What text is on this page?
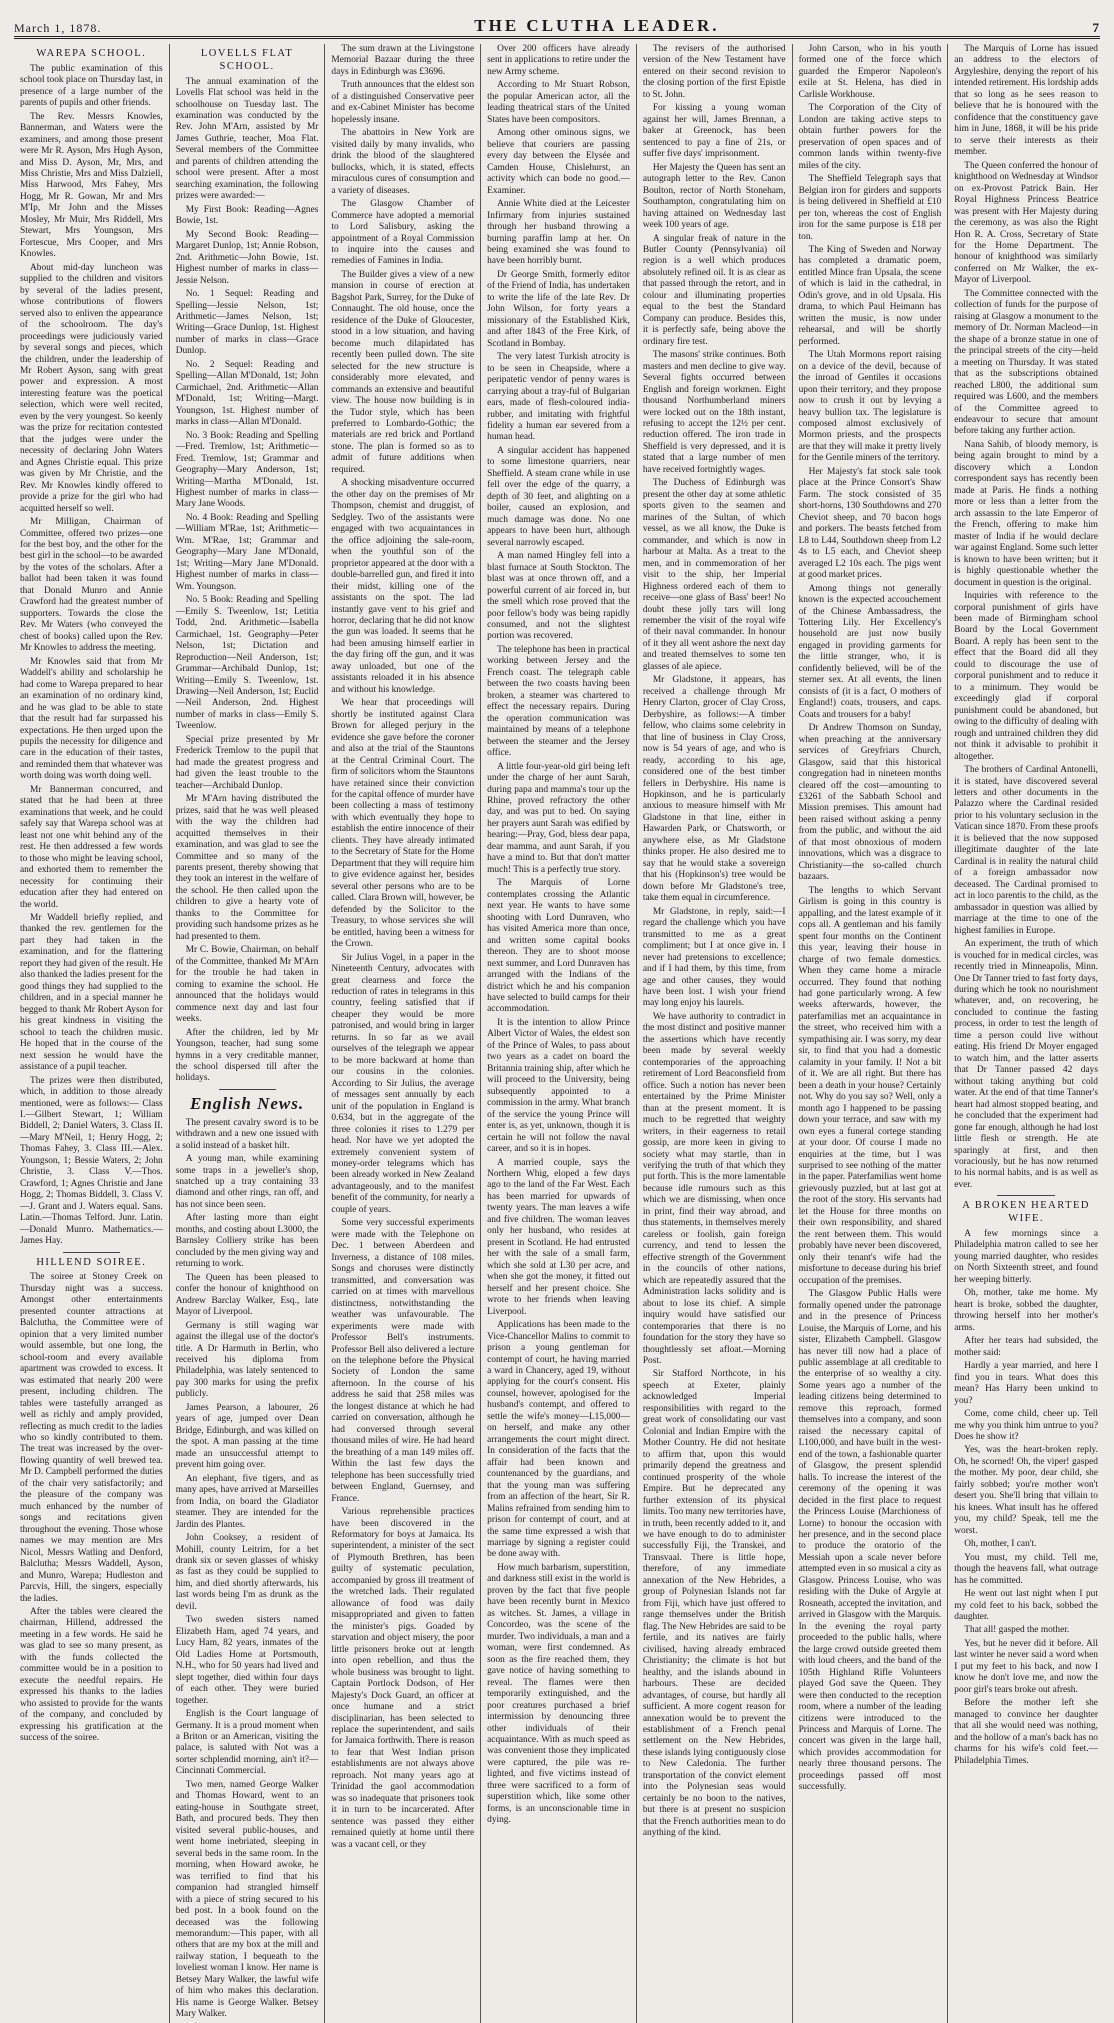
March 1, 1878.	THE CLUTHA LEADER.	7
WAREPA SCHOOL.

The public examination of this school took place on Thursday last, in presence of a large number of the parents of pupils and other friends.

The Rev. Messrs Knowles, Bannerman, and Waters were the examiners, and among those present were Mr R. Ayson, Mrs Hugh Ayson, and Miss D. Ayson, Mr, Mrs, and Miss Christie, Mrs and Miss Dalziell, Miss Harwood, Mrs Fahey, Mrs Hogg, Mr R. Gowan, Mr and Mrs M'Ip, Mr John and the Misses Mosley, Mr Muir, Mrs Riddell, Mrs Stewart, Mrs Youngson, Mrs Fortescue, Mrs Cooper, and Mrs Knowles.

About mid-day luncheon was supplied to the children and visitors by several of the ladies present, whose contributions of flowers served also to enliven the appearance of the schoolroom. The day's proceedings were judiciously varied by several songs and pieces, which the children, under the leadership of Mr Robert Ayson, sang with great power and expression. A most interesting feature was the poetical selection, which were well recited, even by the very youngest. So keenly was the prize for recitation contested that the judges were under the necessity of declaring John Waters and Agnes Christie equal. This prize was given by Mr Christie, and the Rev. Mr Knowles kindly offered to provide a prize for the girl who had acquitted herself so well.

Mr Milligan, Chairman of Committee, offered two prizes—one for the best boy, and the other for the best girl in the school—to be awarded by the votes of the scholars. After a ballot had been taken it was found that Donald Munro and Annie Crawford had the greatest number of supporters. Towards the close the Rev. Mr Waters (who conveyed the chest of books) called upon the Rev. Mr Knowles to address the meeting.

Mr Knowles said that from Mr Waddell's ability and scholarship he had come to Warepa prepared to hear an examination of no ordinary kind, and he was glad to be able to state that the result had far surpassed his expectations. He then urged upon the pupils the necessity for diligence and care in the education of their tastes, and reminded them that whatever was worth doing was worth doing well.

Mr Bannerman concurred, and stated that he had been at three examinations that week, and he could safely say that Warepa school was at least not one whit behind any of the rest. He then addressed a few words to those who might be leaving school, and exhorted them to remember the necessity for continuing their education after they had entered on the world.

Mr Waddell briefly replied, and thanked the rev. gentlemen for the part they had taken in the examination, and for the flattering report they had given of the result. He also thanked the ladies present for the good things they had supplied to the children, and in a special manner he begged to thank Mr Robert Ayson for his great kindness in visiting the school to teach the children music. He hoped that in the course of the next session he would have the assistance of a pupil teacher.

The prizes were then distributed, which, in addition to those already mentioned, were as follows:— Class I.—Gilbert Stewart, 1; William Biddell, 2; Daniel Waters, 3. Class II.—Mary M'Neil, 1; Henry Hogg, 2; Thomas Fahey, 3. Class III.—Alex. Youngson, 1; Bessie Waters, 2; John Christie, 3. Class V.—Thos. Crawford, 1; Agnes Christie and Jane Hogg, 2; Thomas Biddell, 3. Class V.—J. Grant and J. Waters equal. Sans. Latin.—Thomas Telford. Junr. Latin.—Donald Munro. Mathematics.—James Hay.

HILLEND SOIREE.

The soiree at Stoney Creek on Thursday night was a success. Amongst other entertainments presented counter attractions at Balclutha, the Committee were of opinion that a very limited number would assemble, but one long, the school-room and every available apartment was crowded to excess. It was estimated that nearly 200 were present, including children. The tables were tastefully arranged as well as richly and amply provided, reflecting as much credit to the ladies who so kindly contributed to them. The treat was increased by the over-flowing quantity of well brewed tea. Mr D. Campbell performed the duties of the chair very satisfactorily; and the pleasure of the company was much enhanced by the number of songs and recitations given throughout the evening. Those whose names we may mention are Mrs Nicol, Messrs Watling and Denford, Balclutha; Messrs Waddell, Ayson, and Munro, Warepa; Hudleston and Parcvis, Hill, the singers, especially the ladies.

After the tables were cleared the chairman, Hillend, addressed the meeting in a few words. He said he was glad to see so many present, as with the funds collected the committee would be in a position to execute the needful repairs. He expressed his thanks to the ladies who assisted to provide for the wants of the company, and concluded by expressing his gratification at the success of the soiree.

LOVELLS FLAT SCHOOL.

The annual examination of the Lovells Flat school was held in the schoolhouse on Tuesday last. The examination was conducted by the Rev. John M'Arn, assisted by Mr James Guthrie, teacher, Moa Flat. Several members of the Committee and parents of children attending the school were present. After a most searching examination, the following prizes were awarded:—

My First Book: Reading—Agnes Bowie, 1st.

My Second Book: Reading—Margaret Dunlop, 1st; Annie Robson, 2nd. Arithmetic—John Bowie, 1st. Highest number of marks in class—Jessie Nelson.

No. 1 Sequel: Reading and Spelling—Jessie Nelson, 1st; Arithmetic—James Nelson, 1st; Writing—Grace Dunlop, 1st. Highest number of marks in class—Grace Dunlop.

No. 2 Sequel: Reading and Spelling—Allan M'Donald, 1st; John Carmichael, 2nd. Arithmetic—Allan M'Donald, 1st; Writing—Margt. Youngson, 1st. Highest number of marks in class—Allan M'Donald.

No. 3 Book: Reading and Spelling—Fred. Tremlow, 1st; Arithmetic—Fred. Tremlow, 1st; Grammar and Geography—Mary Anderson, 1st; Writing—Martha M'Donald, 1st. Highest number of marks in class—Mary Jane Woods.

No. 4 Book: Reading and Spelling—William M'Rae, 1st; Arithmetic—Wm. M'Rae, 1st; Grammar and Geography—Mary Jane M'Donald, 1st; Writing—Mary Jane M'Donald. Highest number of marks in class—Wm. Youngson.

No. 5 Book: Reading and Spelling—Emily S. Tweenlow, 1st; Letitia Todd, 2nd. Arithmetic—Isabella Carmichael, 1st. Geography—Peter Nelson, 1st; Dictation and Reproduction—Neil Anderson, 1st; Grammar—Archibald Dunlop, 1st; Writing—Emily S. Tweenlow, 1st. Drawing—Neil Anderson, 1st; Euclid—Neil Anderson, 2nd. Highest number of marks in class—Emily S. Tweenlow.

Special prize presented by Mr Frederick Tremlow to the pupil that had made the greatest progress and had given the least trouble to the teacher—Archibald Dunlop.

Mr M'Arn having distributed the prizes, said that he was well pleased with the way the children had acquitted themselves in their examination, and was glad to see the Committee and so many of the parents present, thereby showing that they took an interest in the welfare of the school. He then called upon the children to give a hearty vote of thanks to the Committee for providing such handsome prizes as he had presented to them.

Mr C. Bowie, Chairman, on behalf of the Committee, thanked Mr M'Arn for the trouble he had taken in coming to examine the school. He announced that the holidays would commence next day and last four weeks.

After the children, led by Mr Youngson, teacher, had sung some hymns in a very creditable manner, the school dispersed till after the holidays.

English News.

The present cavalry sword is to be withdrawn and a new one issued with a solid instead of a basket hilt.

A young man, while examining some traps in a jeweller's shop, snatched up a tray containing 33 diamond and other rings, ran off, and has not since been seen.

After lasting more than eight months, and costing about L3000, the Barnsley Colliery strike has been concluded by the men giving way and returning to work.

The Queen has been pleased to confer the honour of knighthood on Andrew Barclay Walker, Esq., late Mayor of Liverpool.

Germany is still waging war against the illegal use of the doctor's title. A Dr Harmuth in Berlin, who received his diploma from Philadelphia, was lately sentenced to pay 300 marks for using the prefix publicly.

James Pearson, a labourer, 26 years of age, jumped over Dean Bridge, Edinburgh, and was killed on the spot. A man passing at the time made an unsuccessful attempt to prevent him going over.

An elephant, five tigers, and as many apes, have arrived at Marseilles from India, on board the Gladiator steamer. They are intended for the Jardin des Plantes.

John Cooksey, a resident of Mohill, county Leitrim, for a bet drank six or seven glasses of whisky as fast as they could be supplied to him, and died shortly afterwards, his last words being I'm as drunk as the devil.

Two sweden sisters named Elizabeth Ham, aged 74 years, and Lucy Ham, 82 years, inmates of the Old Ladies Home at Portsmouth, N.H., who for 50 years had lived and slept together, died within four days of each other. They were buried together.

English is the Court language of Germany. It is a proud moment when a Briton or an American, visiting the palace, is saluted with Not was a sorter schplendid morning, ain't it?—Cincinnati Commercial.

Two men, named George Walker and Thomas Howard, went to an eating-house in Southgate street, Bath, and procured beds. They then visited several public-houses, and went home inebriated, sleeping in several beds in the same room. In the morning, when Howard awoke, he was terrified to find that his companion had strangled himself with a piece of string secured to his bed post. In a book found on the deceased was the following memorandum:—This paper, with all others that are my box at the mill and railway station, I bequeath to the loveliest woman I know. Her name is Betsey Mary Walker, the lawful wife of him who makes this declaration. His name is George Walker. Betsey Mary Walker.

The sum drawn at the Livingstone Memorial Bazaar during the three days in Edinburgh was £3696.

Truth announces that the eldest son of a distinguished Conservative peer and ex-Cabinet Minister has become hopelessly insane.

The abattoirs in New York are visited daily by many invalids, who drink the blood of the slaughtered bullocks, which, it is stated, effects miraculous cures of consumption and a variety of diseases.

The Glasgow Chamber of Commerce have adopted a memorial to Lord Salisbury, asking the appointment of a Royal Commission to inquire into the causes and remedies of Famines in India.

The Builder gives a view of a new mansion in course of erection at Bagshot Park, Surrey, for the Duke of Connaught. The old house, once the residence of the Duke of Gloucester, stood in a low situation, and having become much dilapidated has recently been pulled down. The site selected for the new structure is considerably more elevated, and commands an extensive and beautiful view. The house now building is in the Tudor style, which has been preferred to Lombardo-Gothic; the materials are red brick and Portland stone. The plan is formed so as to admit of future additions when required.

A shocking misadventure occurred the other day on the premises of Mr Thompson, chemist and druggist, of Sedgley. Two of the assistants were engaged with two acquaintances in the office adjoining the sale-room, when the youthful son of the proprietor appeared at the door with a double-barrelled gun, and fired it into their midst, killing one of the assistants on the spot. The lad instantly gave vent to his grief and horror, declaring that he did not know the gun was loaded. It seems that he had been amusing himself earlier in the day firing off the gun, and it was away unloaded, but one of the assistants reloaded it in his absence and without his knowledge.

We hear that proceedings will shortly be instituted against Clara Brown for alleged perjury in the evidence she gave before the coroner and also at the trial of the Stauntons at the Central Criminal Court. The firm of solicitors whom the Stauntons have retained since their conviction for the capital offence of murder have been collecting a mass of testimony with which eventually they hope to establish the entire innocence of their clients. They have already intimated to the Secretary of State for the Home Department that they will require him to give evidence against her, besides several other persons who are to be called. Clara Brown will, however, be defended by the Solicitor to the Treasury, to whose services she will be entitled, having been a witness for the Crown.

Sir Julius Vogel, in a paper in the Nineteenth Century, advocates with great clearness and force the reduction of rates in telegrams in this country, feeling satisfied that if cheaper they would be more patronised, and would bring in larger returns. In so far as we avail ourselves of the telegraph we appear to be more backward at home than our cousins in the colonies. According to Sir Julius, the average of messages sent annually by each unit of the population in England is 0.634, but in the aggregate of the three colonies it rises to 1.279 per head. Nor have we yet adopted the extremely convenient system of money-order telegrams which has been already worked in New Zealand advantageously, and to the manifest benefit of the community, for nearly a couple of years.

Some very successful experiments were made with the Telephone on Dec. 1 between Aberdeen and Inverness, a distance of 108 miles. Songs and choruses were distinctly transmitted, and conversation was carried on at times with marvellous distinctness, notwithstanding the weather was unfavourable. The experiments were made with Professor Bell's instruments. Professor Bell also delivered a lecture on the telephone before the Physical Society of London the same afternoon. In the course of his address he said that 258 miles was the longest distance at which he had carried on conversation, although he had conversed through several thousand miles of wire. He had heard the breathing of a man 149 miles off. Within the last few days the telephone has been successfully tried between England, Guernsey, and France.

Various reprehensible practices have been discovered in the Reformatory for boys at Jamaica. Its superintendent, a minister of the sect of Plymouth Brethren, has been guilty of systematic peculation, accompanied by gross ill treatment of the wretched lads. Their regulated allowance of food was daily misappropriated and given to fatten the minister's pigs. Goaded by starvation and object misery, the poor little prisoners broke out at length into open rebellion, and thus the whole business was brought to light. Captain Portlock Dodson, of Her Majesty's Dock Guard, an officer at once humane and a strict disciplinarian, has been selected to replace the superintendent, and sails for Jamaica forthwith. There is reason to fear that West Indian prison establishments are not always above reproach. Not many years ago at Trinidad the gaol accommodation was so inadequate that prisoners took it in turn to be incarcerated. After sentence was passed they either remained quietly at home until there was a vacant cell, or they

Over 200 officers have already sent in applications to retire under the new Army scheme.

According to Mr Stuart Robson, the popular American actor, all the leading theatrical stars of the United States have been compositors.

Among other ominous signs, we believe that couriers are passing every day between the Elysée and Camden House, Chislehurst, an activity which can bode no good.—Examiner.

Annie White died at the Leicester Infirmary from injuries sustained through her husband throwing a burning paraffin lamp at her. On being examined she was found to have been horribly burnt.

Dr George Smith, formerly editor of the Friend of India, has undertaken to write the life of the late Rev. Dr John Wilson, for forty years a missionary of the Established Kirk, and after 1843 of the Free Kirk, of Scotland in Bombay.

The very latest Turkish atrocity is to be seen in Cheapside, where a peripatetic vendor of penny wares is carrying about a tray-ful of Bulgarian ears, made of flesh-coloured india-rubber, and imitating with frightful fidelity a human ear severed from a human head.

A singular accident has happened to some limestone quarriers, near Sheffield. A steam crane while in use fell over the edge of the quarry, a depth of 30 feet, and alighting on a boiler, caused an explosion, and much damage was done. No one appears to have been hurt, although several narrowly escaped.

A man named Hingley fell into a blast furnace at South Stockton. The blast was at once thrown off, and a powerful current of air forced in, but the smell which rose proved that the poor fellow's body was being rapidly consumed, and not the slightest portion was recovered.

The telephone has been in practical working between Jersey and the French coast. The telegraph cable between the two coasts having been broken, a steamer was chartered to effect the necessary repairs. During the operation communication was maintained by means of a telephone between the steamer and the Jersey office.

A little four-year-old girl being left under the charge of her aunt Sarah, during papa and mamma's tour up the Rhine, proved refractory the other day, and was put to bed. On saying her prayers aunt Sarah was edified by hearing:—Pray, God, bless dear papa, dear mamma, and aunt Sarah, if you have a mind to. But that don't matter much! This is a perfectly true story.

The Marquis of Lorne contemplates crossing the Atlantic next year. He wants to have some shooting with Lord Dunraven, who has visited America more than once, and written some capital books thereon. They are to shoot moose next summer, and Lord Dunraven has arranged with the Indians of the district which he and his companion have selected to build camps for their accommodation.

It is the intention to allow Prince Albert Victor of Wales, the eldest son of the Prince of Wales, to pass about two years as a cadet on board the Britannia training ship, after which he will proceed to the University, being subsequently appointed to a commission in the army. What branch of the service the young Prince will enter is, as yet, unknown, though it is certain he will not follow the naval career, and so it is in hopes.

A married couple, says the Northern Whig, eloped a few days ago to the land of the Far West. Each has been married for upwards of twenty years. The man leaves a wife and five children. The woman leaves only her husband, who resides at present in Scotland. He had entrusted her with the sale of a small farm, which she sold at L30 per acre, and when she got the money, it fitted out herself and her present choice. She wrote to her friends when leaving Liverpool.

Applications has been made to the Vice-Chancellor Malins to commit to prison a young gentleman for contempt of court, he having married a ward in Chancery, aged 19, without applying for the court's consent. His counsel, however, apologised for the husband's contempt, and offered to settle the wife's money—L15,000—on herself, and make any other arrangements the court might direct. In consideration of the facts that the affair had been known and countenanced by the guardians, and that the young man was suffering from an affection of the heart, Sir R. Malins refrained from sending him to prison for contempt of court, and at the same time expressed a wish that marriage by signing a register could be done away with.

How much barbarism, superstition, and darkness still exist in the world is proven by the fact that five people have been recently burnt in Mexico as witches. St. James, a village in Concordeo, was the scene of the murder. Two individuals, a man and a woman, were first condemned. As soon as the fire reached them, they gave notice of having something to reveal. The flames were then temporarily extinguished, and the poor creatures purchased a brief intermission by denouncing three other individuals of their acquaintance. With as much speed as was convenient those they implicated were captured, the pile was re-lighted, and five victims instead of three were sacrificed to a form of superstition which, like some other forms, is an unconscionable time in dying.

The revisers of the authorised version of the New Testament have entered on their second revision to the closing portion of the first Epistle to St. John.

For kissing a young woman against her will, James Brennan, a baker at Greenock, has been sentenced to pay a fine of 21s, or suffer five days' imprisonment.

Her Majesty the Queen has sent an autograph letter to the Rev. Canon Boulton, rector of North Stoneham, Southampton, congratulating him on having attained on Wednesday last week 100 years of age.

A singular freak of nature in the Butler County (Pennsylvania) oil region is a well which produces absolutely refined oil. It is as clear as that passed through the retort, and in colour and illuminating properties equal to the best the Standard Company can produce. Besides this, it is perfectly safe, being above the ordinary fire test.

The masons' strike continues. Both masters and men decline to give way. Several fights occurred between English and foreign workmen. Eight thousand Northumberland miners were locked out on the 18th instant, refusing to accept the 12½ per cent. reduction offered. The iron trade in Sheffield is very depressed, and it is stated that a large number of men have received fortnightly wages.

The Duchess of Edinburgh was present the other day at some athletic sports given to the seamen and marines of the Sultan, of which vessel, as we all know, the Duke is commander, and which is now in harbour at Malta. As a treat to the men, and in commemoration of her visit to the ship, her Imperial Highness ordered each of them to receive—one glass of Bass' beer! No doubt these jolly tars will long remember the visit of the royal wife of their naval commander. In honour of it they all went ashore the next day and treated themselves to some ten glasses of ale apiece.

Mr Gladstone, it appears, has received a challenge through Mr Henry Clarton, grocer of Clay Cross, Derbyshire, as follows:—A timber fellow, who claims some celebrity in that line of business in Clay Cross, now is 54 years of age, and who is ready, according to his age, considered one of the best timber fellers in Derbyshire. His name is Hopkinson, and he is particularly anxious to measure himself with Mr Gladstone in that line, either in Hawarden Park, or Chatsworth, or anywhere else, as Mr Gladstone thinks proper. He also desired me to say that he would stake a sovereign that his (Hopkinson's) tree would be down before Mr Gladstone's tree, take them equal in circumference.

Mr Gladstone, in reply, said:—I regard the challenge which you have transmitted to me as a great compliment; but I at once give in. I never had pretensions to excellence; and if I had them, by this time, from age and other causes, they would have been lost. I wish your friend may long enjoy his laurels.

We have authority to contradict in the most distinct and positive manner the assertions which have recently been made by several weekly contemporaries of the approaching retirement of Lord Beaconsfield from office. Such a notion has never been entertained by the Prime Minister than at the present moment. It is much to be regretted that weighty writers, in their eagerness to retail gossip, are more keen in giving to society what may startle, than in verifying the truth of that which they put forth. This is the more lamentable because idle rumours such as this which we are dismissing, when once in print, find their way abroad, and thus statements, in themselves merely careless or foolish, gain foreign currency, and tend to lessen the effective strength of the Government in the councils of other nations, which are repeatedly assured that the Administration lacks solidity and is about to lose its chief. A simple inquiry would have satisfied our contemporaries that there is no foundation for the story they have so thoughtlessly set afloat.—Morning Post.

Sir Stafford Northcote, in his speech at Exeter, plainly acknowledged Imperial responsibilities with regard to the great work of consolidating our vast Colonial and Indian Empire with the Mother Country. He did not hesitate to affirm that, upon this would primarily depend the greatness and continued prosperity of the whole Empire. But he deprecated any further extension of its physical limits. Too many new territories have, in truth, been recently added to it, and we have enough to do to administer successfully Fiji, the Transkei, and Transvaal. There is little hope, therefore, of any immediate annexation of the New Hebrides, a group of Polynesian Islands not far from Fiji, which have just offered to range themselves under the British flag. The New Hebrides are said to be fertile, and its natives are fairly civilised, having already embraced Christianity; the climate is hot but healthy, and the islands abound in harbours. These are decided advantages, of course, but hardly all sufficient. A more cogent reason for annexation would be to prevent the establishment of a French penal settlement on the New Hebrides, these islands lying contiguously close to New Caledonia. The further transportation of the convict element into the Polynesian seas would certainly be no boon to the natives, but there is at present no suspicion that the French authorities mean to do anything of the kind.

John Carson, who in his youth formed one of the force which guarded the Emperor Napoleon's exile at St. Helena, has died in Carlisle Workhouse.

The Corporation of the City of London are taking active steps to obtain further powers for the preservation of open spaces and of common lands within twenty-five miles of the city.

The Sheffield Telegraph says that Belgian iron for girders and supports is being delivered in Sheffield at £10 per ton, whereas the cost of English iron for the same purpose is £18 per ton.

The King of Sweden and Norway has completed a dramatic poem, entitled Mince fran Upsala, the scene of which is laid in the cathedral, in Odin's grove, and in old Upsala. His drama, to which Paul Heimann has written the music, is now under rehearsal, and will be shortly performed.

The Utah Mormons report raising on a device of the devil, because of the inroad of Gentiles it occasions upon their territory, and they propose now to crush it out by levying a heavy bullion tax. The legislature is composed almost exclusively of Mormon priests, and the prospects are that they will make it pretty lively for the Gentile miners of the territory.

Her Majesty's fat stock sale took place at the Prince Consort's Shaw Farm. The stock consisted of 35 short-horns, 130 Southdowns and 270 Cheviot sheep, and 70 bacon hogs and porkers. The beasts fetched from L8 to L44, Southdown sheep from L2 4s to L5 each, and Cheviot sheep averaged L2 10s each. The pigs went at good market prices.

Among things not generally known is the expected accouchement of the Chinese Ambassadress, the Tottering Lily. Her Excellency's household are just now busily engaged in providing garments for the little stranger, who, it is confidently believed, will be of the sterner sex. At all events, the linen consists of (it is a fact, O mothers of England!) coats, trousers, and caps. Coats and trousers for a baby!

Dr Andrew Thomson on Sunday, when preaching at the anniversary services of Greyfriars Church, Glasgow, said that this historical congregation had in nineteen months cleared off the cost—amounting to £3261 of the Sabbath School and Mission premises. This amount had been raised without asking a penny from the public, and without the aid of that most obnoxious of modern innovations, which was a disgrace to Christianity—the so-called church bazaars.

The lengths to which Servant Girlism is going in this country is appalling, and the latest example of it cops all. A gentleman and his family spent four months on the Continent this year, leaving their house in charge of two female domestics. When they came home a miracle occurred. They found that nothing had gone particularly wrong. A few weeks afterwards, however, the paterfamilias met an acquaintance in the street, who received him with a sympathising air. I was sorry, my dear sir, to find that you had a domestic calamity in your family. I! Not a bit of it. We are all right. But there has been a death in your house? Certainly not. Why do you say so? Well, only a month ago I happened to be passing down your terrace, and saw with my own eyes a funeral cortege standing at your door. Of course I made no enquiries at the time, but I was surprised to see nothing of the matter in the paper. Paterfamilias went home grievously puzzled, but at last got at the root of the story. His servants had let the House for three months on their own responsibility, and shared the rent between them. This would probably have never been discovered, only their tenant's wife had the misfortune to decease during his brief occupation of the premises.

The Glasgow Public Halls were formally opened under the patronage and in the presence of Princess Louise, the Marquis of Lorne, and his sister, Elizabeth Campbell. Glasgow has never till now had a place of public assemblage at all creditable to the enterprise of so wealthy a city. Some years ago a number of the leading citizens being determined to remove this reproach, formed themselves into a company, and soon raised the necessary capital of L100,000, and have built in the west-end of the town, a fashionable quarter of Glasgow, the present splendid halls. To increase the interest of the ceremony of the opening it was decided in the first place to request the Princess Louise (Marchioness of Lorne) to honour the occasion with her presence, and in the second place to produce the oratorio of the Messiah upon a scale never before attempted even in so musical a city as Glasgow. Princess Louise, who was residing with the Duke of Argyle at Rosneath, accepted the invitation, and arrived in Glasgow with the Marquis. In the evening the royal party proceeded to the public halls, where the large crowd outside greeted them with loud cheers, and the band of the 105th Highland Rifle Volunteers played God save the Queen. They were then conducted to the reception room, where a number of the leading citizens were introduced to the Princess and Marquis of Lorne. The concert was given in the large hall, which provides accommodation for nearly three thousand persons. The proceedings passed off most successfully.

The Marquis of Lorne has issued an address to the electors of Argyleshire, denying the report of his intended retirement. His lordship adds that so long as he sees reason to believe that he is honoured with the confidence that the constituency gave him in June, 1868, it will be his pride to serve their interests as their member.

The Queen conferred the honour of knighthood on Wednesday at Windsor on ex-Provost Patrick Bain. Her Royal Highness Princess Beatrice was present with Her Majesty during the ceremony, as was also the Right Hon R. A. Cross, Secretary of State for the Home Department. The honour of knighthood was similarly conferred on Mr Walker, the ex-Mayor of Liverpool.

The Committee connected with the collection of funds for the purpose of raising at Glasgow a monument to the memory of Dr. Norman Macleod—in the shape of a bronze statue in one of the principal streets of the city—held a meeting on Thursday. It was stated that as the subscriptions obtained reached L800, the additional sum required was L600, and the members of the Committee agreed to endeavour to secure that amount before taking any further action.

Nana Sahib, of bloody memory, is being again brought to mind by a discovery which a London correspondent says has recently been made at Paris. He finds a nothing more or less than a letter from the arch assassin to the late Emperor of the French, offering to make him master of India if he would declare war against England. Some such letter is known to have been written; but it is highly questionable whether the document in question is the original.

Inquiries with reference to the corporal punishment of girls have been made of Birmingham school Board by the Local Government Board. A reply has been sent to the effect that the Board did all they could to discourage the use of corporal punishment and to reduce it to a minimum. They would be exceedingly glad if corporal punishment could be abandoned, but owing to the difficulty of dealing with rough and untrained children they did not think it advisable to prohibit it altogether.

The brothers of Cardinal Antonelli, it is stated, have discovered several letters and other documents in the Palazzo where the Cardinal resided prior to his voluntary seclusion in the Vatican since 1870. From these proofs it is believed that the now supposed illegitimate daughter of the late Cardinal is in reality the natural child of a foreign ambassador now deceased. The Cardinal promised to act in loco parentis to the child, as the ambassador in question was allied by marriage at the time to one of the highest families in Europe.

An experiment, the truth of which is vouched for in medical circles, was recently tried in Minneapolis, Minn. One Dr Tanner tried to fast forty days, during which he took no nourishment whatever, and, on recovering, he concluded to continue the fasting process, in order to test the length of time a person could live without eating. His friend Dr Moyer engaged to watch him, and the latter asserts that Dr Tanner passed 42 days without taking anything but cold water. At the end of that time Tanner's heart had almost stopped beating, and he concluded that the experiment had gone far enough, although he had lost little flesh or strength. He ate sparingly at first, and then voraciously, but he has now returned to his normal habits, and is as well as ever.

A BROKEN HEARTED WIFE.

A few mornings since a Philadelphia matron called to see her young married daughter, who resides on North Sixteenth street, and found her weeping bitterly.

Oh, mother, take me home. My heart is broke, sobbed the daughter, throwing herself into her mother's arms.

After her tears had subsided, the mother said:

Hardly a year married, and here I find you in tears. What does this mean? Has Harry been unkind to you?

Come, come child, cheer up. Tell me why you think him untrue to you? Does he show it?

Yes, was the heart-broken reply. Oh, he scorned! Oh, the viper! gasped the mother. My poor, dear child, she fairly sobbed; you're mother won't desert you. She'll bring that villain to his knees. What insult has he offered you, my child? Speak, tell me the worst.

Oh, mother, I can't.

You must, my child. Tell me, though the heavens fall, what outrage has he committed.

He went out last night when I put my cold feet to his back, sobbed the daughter.

That all! gasped the mother.

Yes, but he never did it before. All last winter he never said a word when I put my feet to his back, and now I know he don't love me, and now the poor girl's tears broke out afresh.

Before the mother left she managed to convince her daughter that all she would need was nothing, and the hollow of a man's back has no charms for his wife's cold feet.—Philadelphia Times.
